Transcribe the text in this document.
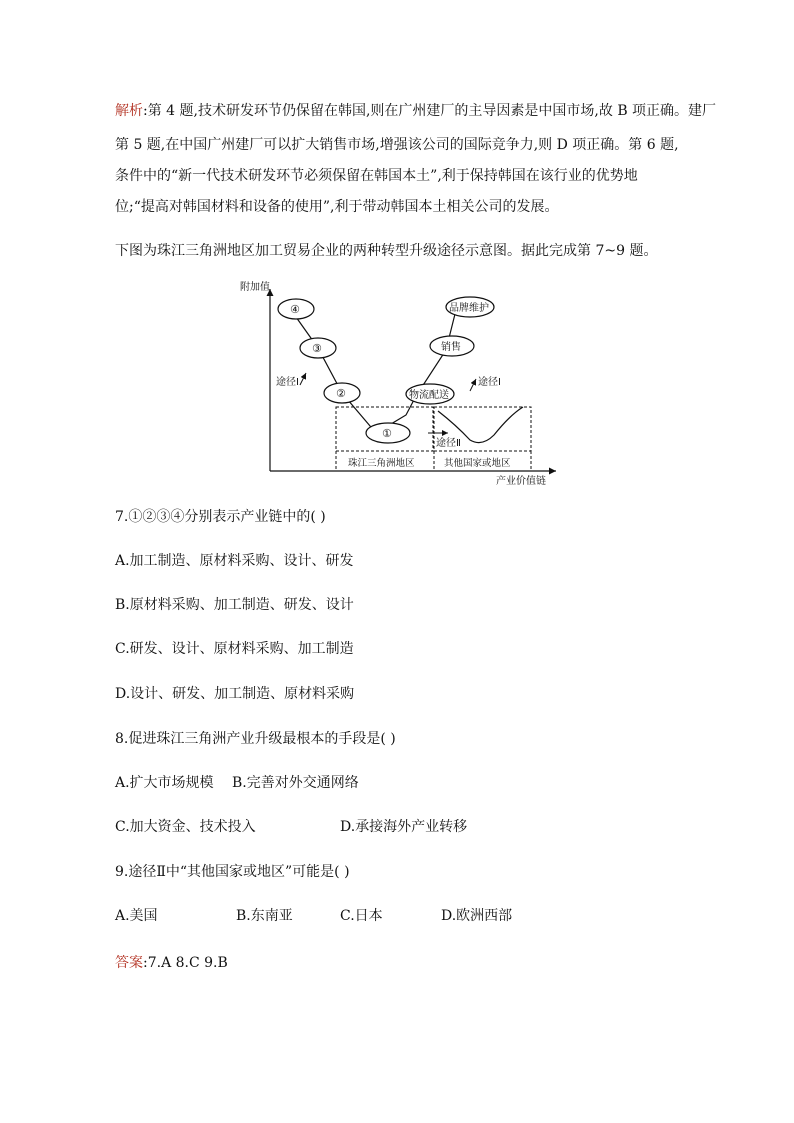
解析:第 4 题,技术研发环节仍保留在韩国,则在广州建厂的主导因素是中国市场,故 B 项正确。建厂
第 5 题,在中国广州建厂可以扩大销售市场,增强该公司的国际竞争力,则 D 项正确。第 6 题,
条件中的“新一代技术研发环节必须保留在韩国本土”,利于保持韩国在该行业的优势地
位;“提高对韩国材料和设备的使用”,利于带动韩国本土相关公司的发展。
下图为珠江三角洲地区加工贸易企业的两种转型升级途径示意图。据此完成第 7~9 题。
附加值
产业价值链
珠江三角洲地区	其他国家或地区
途径Ⅰ	途径Ⅰ
途径Ⅱ
④
③
②
①
物流配送
销售
品牌维护
7.①②③④分别表示产业链中的( )
A.加工制造、原材料采购、设计、研发
B.原材料采购、加工制造、研发、设计
C.研发、设计、原材料采购、加工制造
D.设计、研发、加工制造、原材料采购
8.促进珠江三角洲产业升级最根本的手段是( )
A.扩大市场规模 B.完善对外交通网络
C.加大资金、技术投入	D.承接海外产业转移
9.途径Ⅱ中“其他国家或地区”可能是( )
A.美国	B.东南亚	C.日本	D.欧洲西部
答案:7.A 8.C 9.B
